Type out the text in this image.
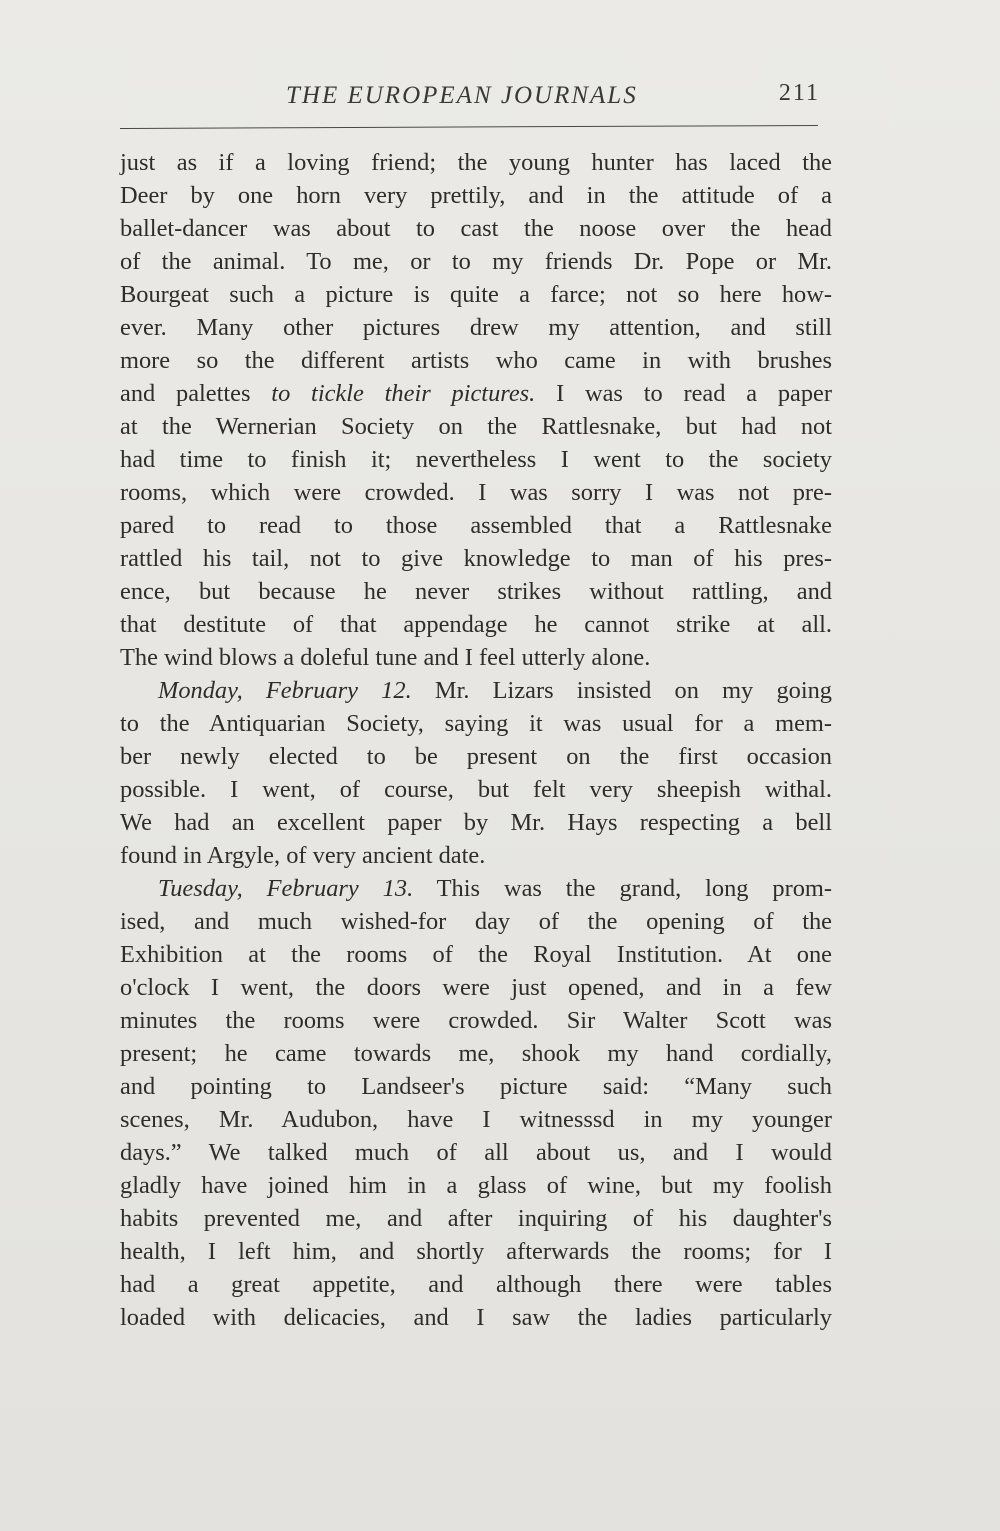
THE EUROPEAN JOURNALS	211
just as if a loving friend; the young hunter has laced the
Deer by one horn very prettily, and in the attitude of a
ballet-dancer was about to cast the noose over the head
of the animal. To me, or to my friends Dr. Pope or Mr.
Bourgeat such a picture is quite a farce; not so here how-
ever. Many other pictures drew my attention, and still
more so the different artists who came in with brushes
and palettes to tickle their pictures. I was to read a paper
at the Wernerian Society on the Rattlesnake, but had not
had time to finish it; nevertheless I went to the society
rooms, which were crowded. I was sorry I was not pre-
pared to read to those assembled that a Rattlesnake
rattled his tail, not to give knowledge to man of his pres-
ence, but because he never strikes without rattling, and
that destitute of that appendage he cannot strike at all.
The wind blows a doleful tune and I feel utterly alone.
Monday, February 12. Mr. Lizars insisted on my going
to the Antiquarian Society, saying it was usual for a mem-
ber newly elected to be present on the first occasion
possible. I went, of course, but felt very sheepish withal.
We had an excellent paper by Mr. Hays respecting a bell
found in Argyle, of very ancient date.
Tuesday, February 13. This was the grand, long prom-
ised, and much wished-for day of the opening of the
Exhibition at the rooms of the Royal Institution. At one
o'clock I went, the doors were just opened, and in a few
minutes the rooms were crowded. Sir Walter Scott was
present; he came towards me, shook my hand cordially,
and pointing to Landseer's picture said: “Many such
scenes, Mr. Audubon, have I witnesssd in my younger
days.” We talked much of all about us, and I would
gladly have joined him in a glass of wine, but my foolish
habits prevented me, and after inquiring of his daughter's
health, I left him, and shortly afterwards the rooms; for I
had a great appetite, and although there were tables
loaded with delicacies, and I saw the ladies particularly
